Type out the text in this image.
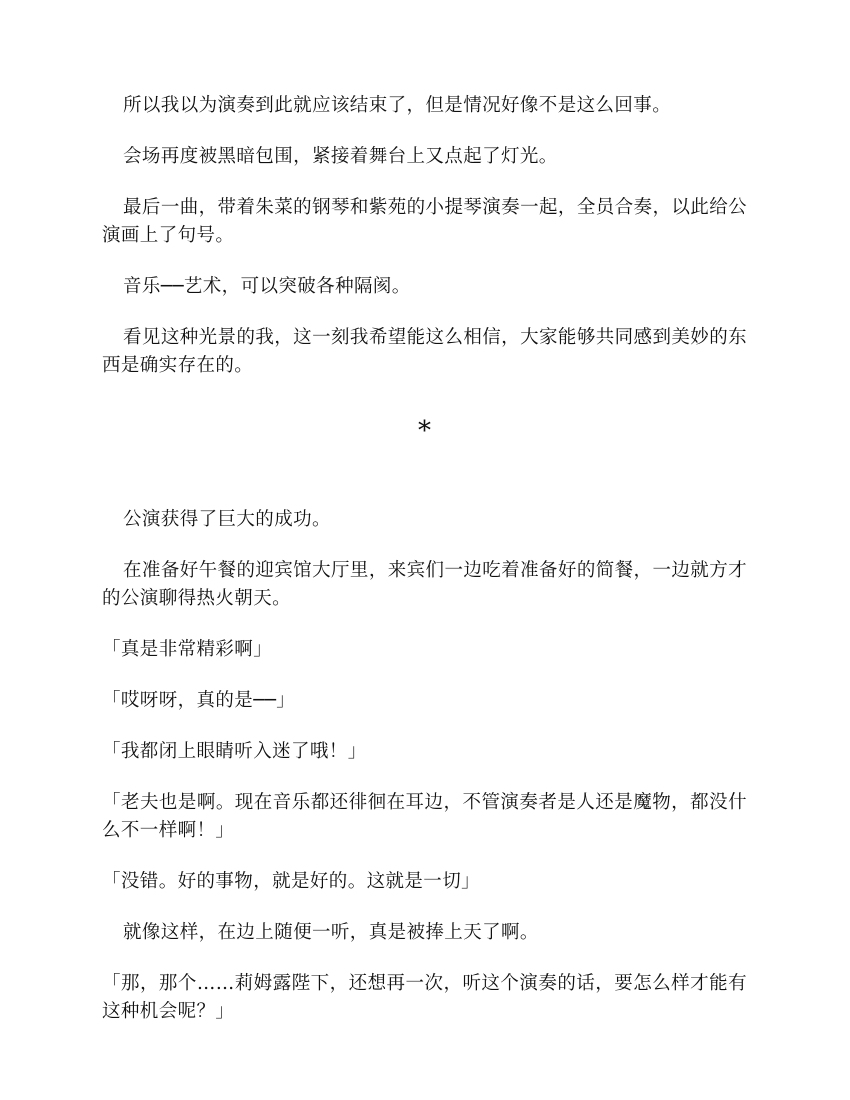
所以我以为演奏到此就应该结束了，但是情况好像不是这么回事。

会场再度被黑暗包围，紧接着舞台上又点起了灯光。

最后一曲，带着朱菜的钢琴和紫苑的小提琴演奏一起，全员合奏，以此给公演画上了句号。

音乐──艺术，可以突破各种隔阂。

看见这种光景的我，这一刻我希望能这么相信，大家能够共同感到美妙的东西是确实存在的。

*

公演获得了巨大的成功。

在准备好午餐的迎宾馆大厅里，来宾们一边吃着准备好的简餐，一边就方才的公演聊得热火朝天。

「真是非常精彩啊」

「哎呀呀，真的是──」

「我都闭上眼睛听入迷了哦！」

「老夫也是啊。现在音乐都还徘徊在耳边，不管演奏者是人还是魔物，都没什么不一样啊！」

「没错。好的事物，就是好的。这就是一切」

就像这样，在边上随便一听，真是被捧上天了啊。

「那，那个……莉姆露陛下，还想再一次，听这个演奏的话，要怎么样才能有这种机会呢？」
